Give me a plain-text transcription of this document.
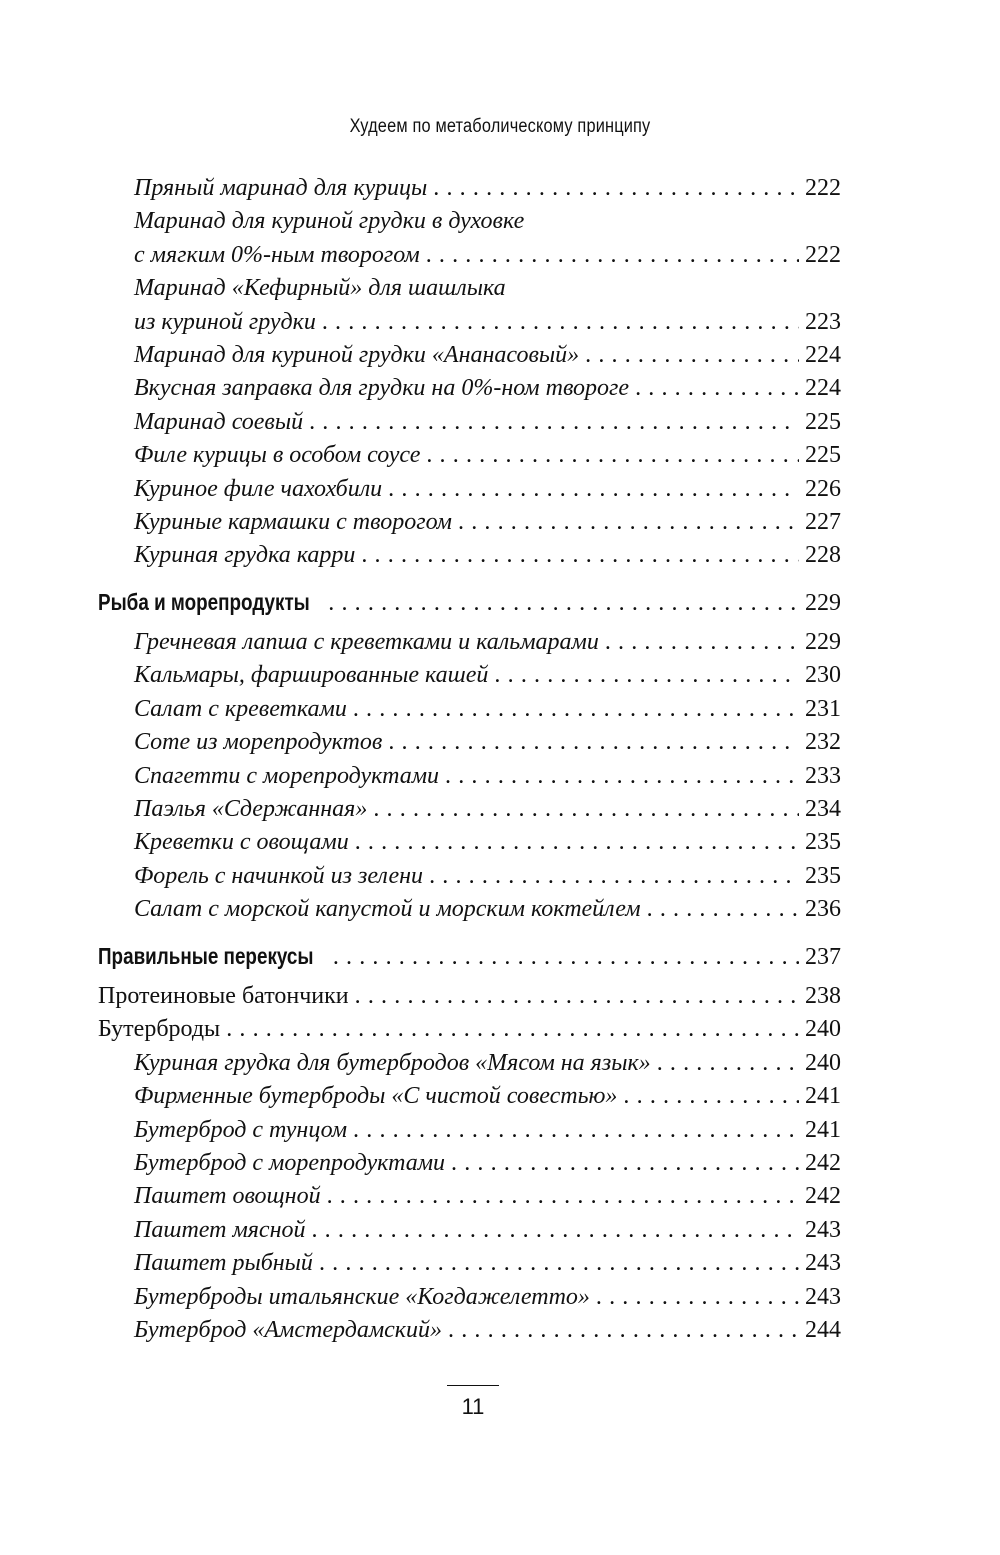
Худеем по метаболическому принципу
Пряный маринад для курицы . . .	222
Маринад для куриной грудки в духовке
с мягким 0%-ным творогом . . .	222
Маринад «Кефирный» для шашлыка
из куриной грудки . . .	223
Маринад для куриной грудки «Ананасовый» . . .	224
Вкусная заправка для грудки на 0%-ном твороге . . .	224
Маринад соевый . . .	225
Филе курицы в особом соусе . . .	225
Куриное филе чахохбили . . .	226
Куриные кармашки с творогом . . .	227
Куриная грудка карри . . .	228
Рыба и морепродукты . . .	229
Гречневая лапша с креветками и кальмарами . . .	229
Кальмары, фаршированные кашей . . .	230
Салат с креветками . . .	231
Соте из морепродуктов . . .	232
Спагетти с морепродуктами . . .	233
Паэлья «Сдержанная» . . .	234
Креветки с овощами . . .	235
Форель с начинкой из зелени . . .	235
Салат с морской капустой и морским коктейлем . . .	236
Правильные перекусы . . .	237
Протеиновые батончики . . .	238
Бутерброды . . .	240
Куриная грудка для бутербродов «Мясом на язык» . . .	240
Фирменные бутерброды «С чистой совестью» . . .	241
Бутерброд с тунцом . . .	241
Бутерброд с морепродуктами . . .	242
Паштет овощной . . .	242
Паштет мясной . . .	243
Паштет рыбный . . .	243
Бутерброды итальянские «Когдажелетто» . . .	243
Бутерброд «Амстердамский» . . .	244
11
